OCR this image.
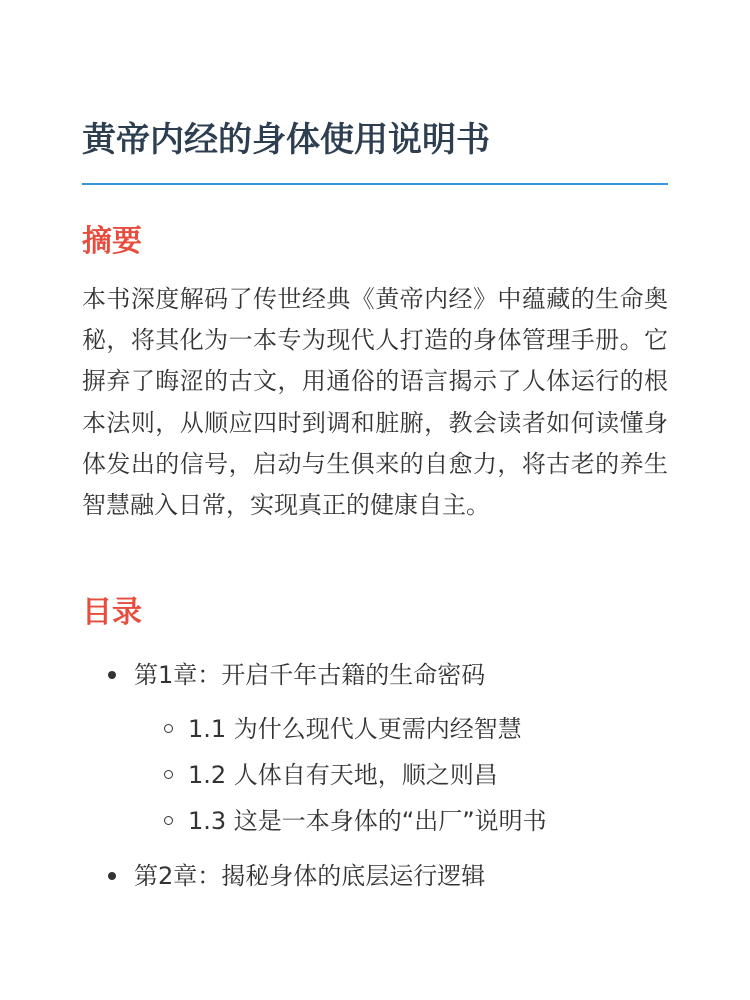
黄帝内经的身体使用说明书
摘要

本书深度解码了传世经典《黄帝内经》中蕴藏的生命奥秘，将其化为一本专为现代人打造的身体管理手册。它摒弃了晦涩的古文，用通俗的语言揭示了人体运行的根本法则，从顺应四时到调和脏腑，教会读者如何读懂身体发出的信号，启动与生俱来的自愈力，将古老的养生智慧融入日常，实现真正的健康自主。

目录
第1章：开启千年古籍的生命密码
1.1 为什么现代人更需内经智慧
1.2 人体自有天地，顺之则昌
1.3 这是一本身体的“出厂”说明书
第2章：揭秘身体的底层运行逻辑
